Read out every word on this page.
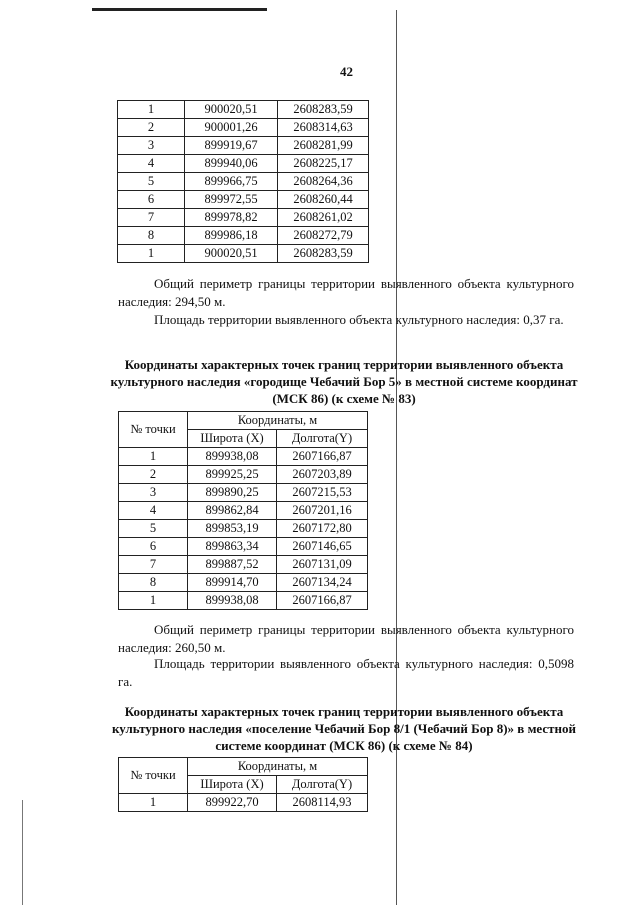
42
1	900020,51	2608283,59
2	900001,26	2608314,63
3	899919,67	2608281,99
4	899940,06	2608225,17
5	899966,75	2608264,36
6	899972,55	2608260,44
7	899978,82	2608261,02
8	899986,18	2608272,79
1	900020,51	2608283,59
Общий периметр границы территории выявленного объекта культурного наследия: 294,50 м.
Площадь территории выявленного объекта культурного наследия: 0,37 га.
Координаты характерных точек границ территории выявленного объекта культурного наследия «городище Чебачий Бор 5» в местной системе координат (МСК 86) (к схеме № 83)
№ точки	Координаты, м	
	Широта (X)	Долгота(Y)
1	899938,08	2607166,87
2	899925,25	2607203,89
3	899890,25	2607215,53
4	899862,84	2607201,16
5	899853,19	2607172,80
6	899863,34	2607146,65
7	899887,52	2607131,09
8	899914,70	2607134,24
1	899938,08	2607166,87
Общий периметр границы территории выявленного объекта культурного наследия: 260,50 м.
Площадь территории выявленного объекта культурного наследия: 0,5098 га.
Координаты характерных точек границ территории выявленного объекта культурного наследия «поселение Чебачий Бор 8/1 (Чебачий Бор 8)» в местной системе координат (МСК 86) (к схеме № 84)
№ точки	Координаты, м	
	Широта (X)	Долгота(Y)
1	899922,70	2608114,93
